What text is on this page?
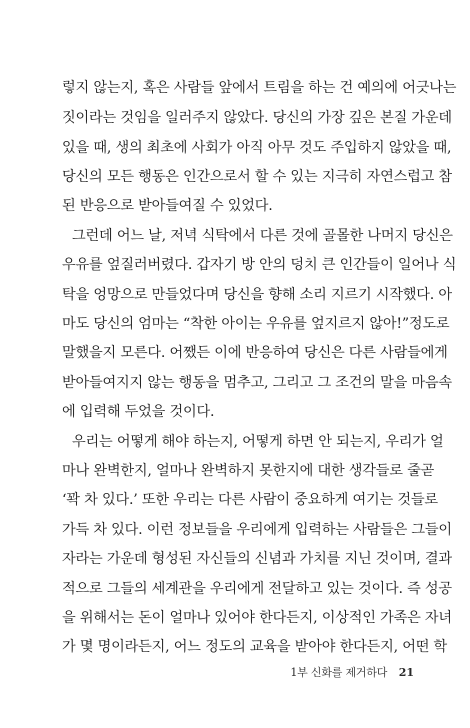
렇지 않는지, 혹은 사람들 앞에서 트림을 하는 건 예의에 어긋나는
짓이라는 것임을 일러주지 않았다. 당신의 가장 깊은 본질 가운데
있을 때, 생의 최초에 사회가 아직 아무 것도 주입하지 않았을 때,
당신의 모든 행동은 인간으로서 할 수 있는 지극히 자연스럽고 참
된 반응으로 받아들여질 수 있었다.
그런데 어느 날, 저녁 식탁에서 다른 것에 골몰한 나머지 당신은
우유를 엎질러버렸다. 갑자기 방 안의 덩치 큰 인간들이 일어나 식
탁을 엉망으로 만들었다며 당신을 향해 소리 지르기 시작했다. 아
마도 당신의 엄마는 “착한 아이는 우유를 엎지르지 않아!”정도로
말했을지 모른다. 어쨌든 이에 반응하여 당신은 다른 사람들에게
받아들여지지 않는 행동을 멈추고, 그리고 그 조건의 말을 마음속
에 입력해 두었을 것이다.
우리는 어떻게 해야 하는지, 어떻게 하면 안 되는지, 우리가 얼
마나 완벽한지, 얼마나 완벽하지 못한지에 대한 생각들로 줄곧
‘꽉 차 있다.’ 또한 우리는 다른 사람이 중요하게 여기는 것들로
가득 차 있다. 이런 정보들을 우리에게 입력하는 사람들은 그들이
자라는 가운데 형성된 자신들의 신념과 가치를 지닌 것이며, 결과
적으로 그들의 세계관을 우리에게 전달하고 있는 것이다. 즉 성공
을 위해서는 돈이 얼마나 있어야 한다든지, 이상적인 가족은 자녀
가 몇 명이라든지, 어느 정도의 교육을 받아야 한다든지, 어떤 학
1부 신화를 제거하다 21
